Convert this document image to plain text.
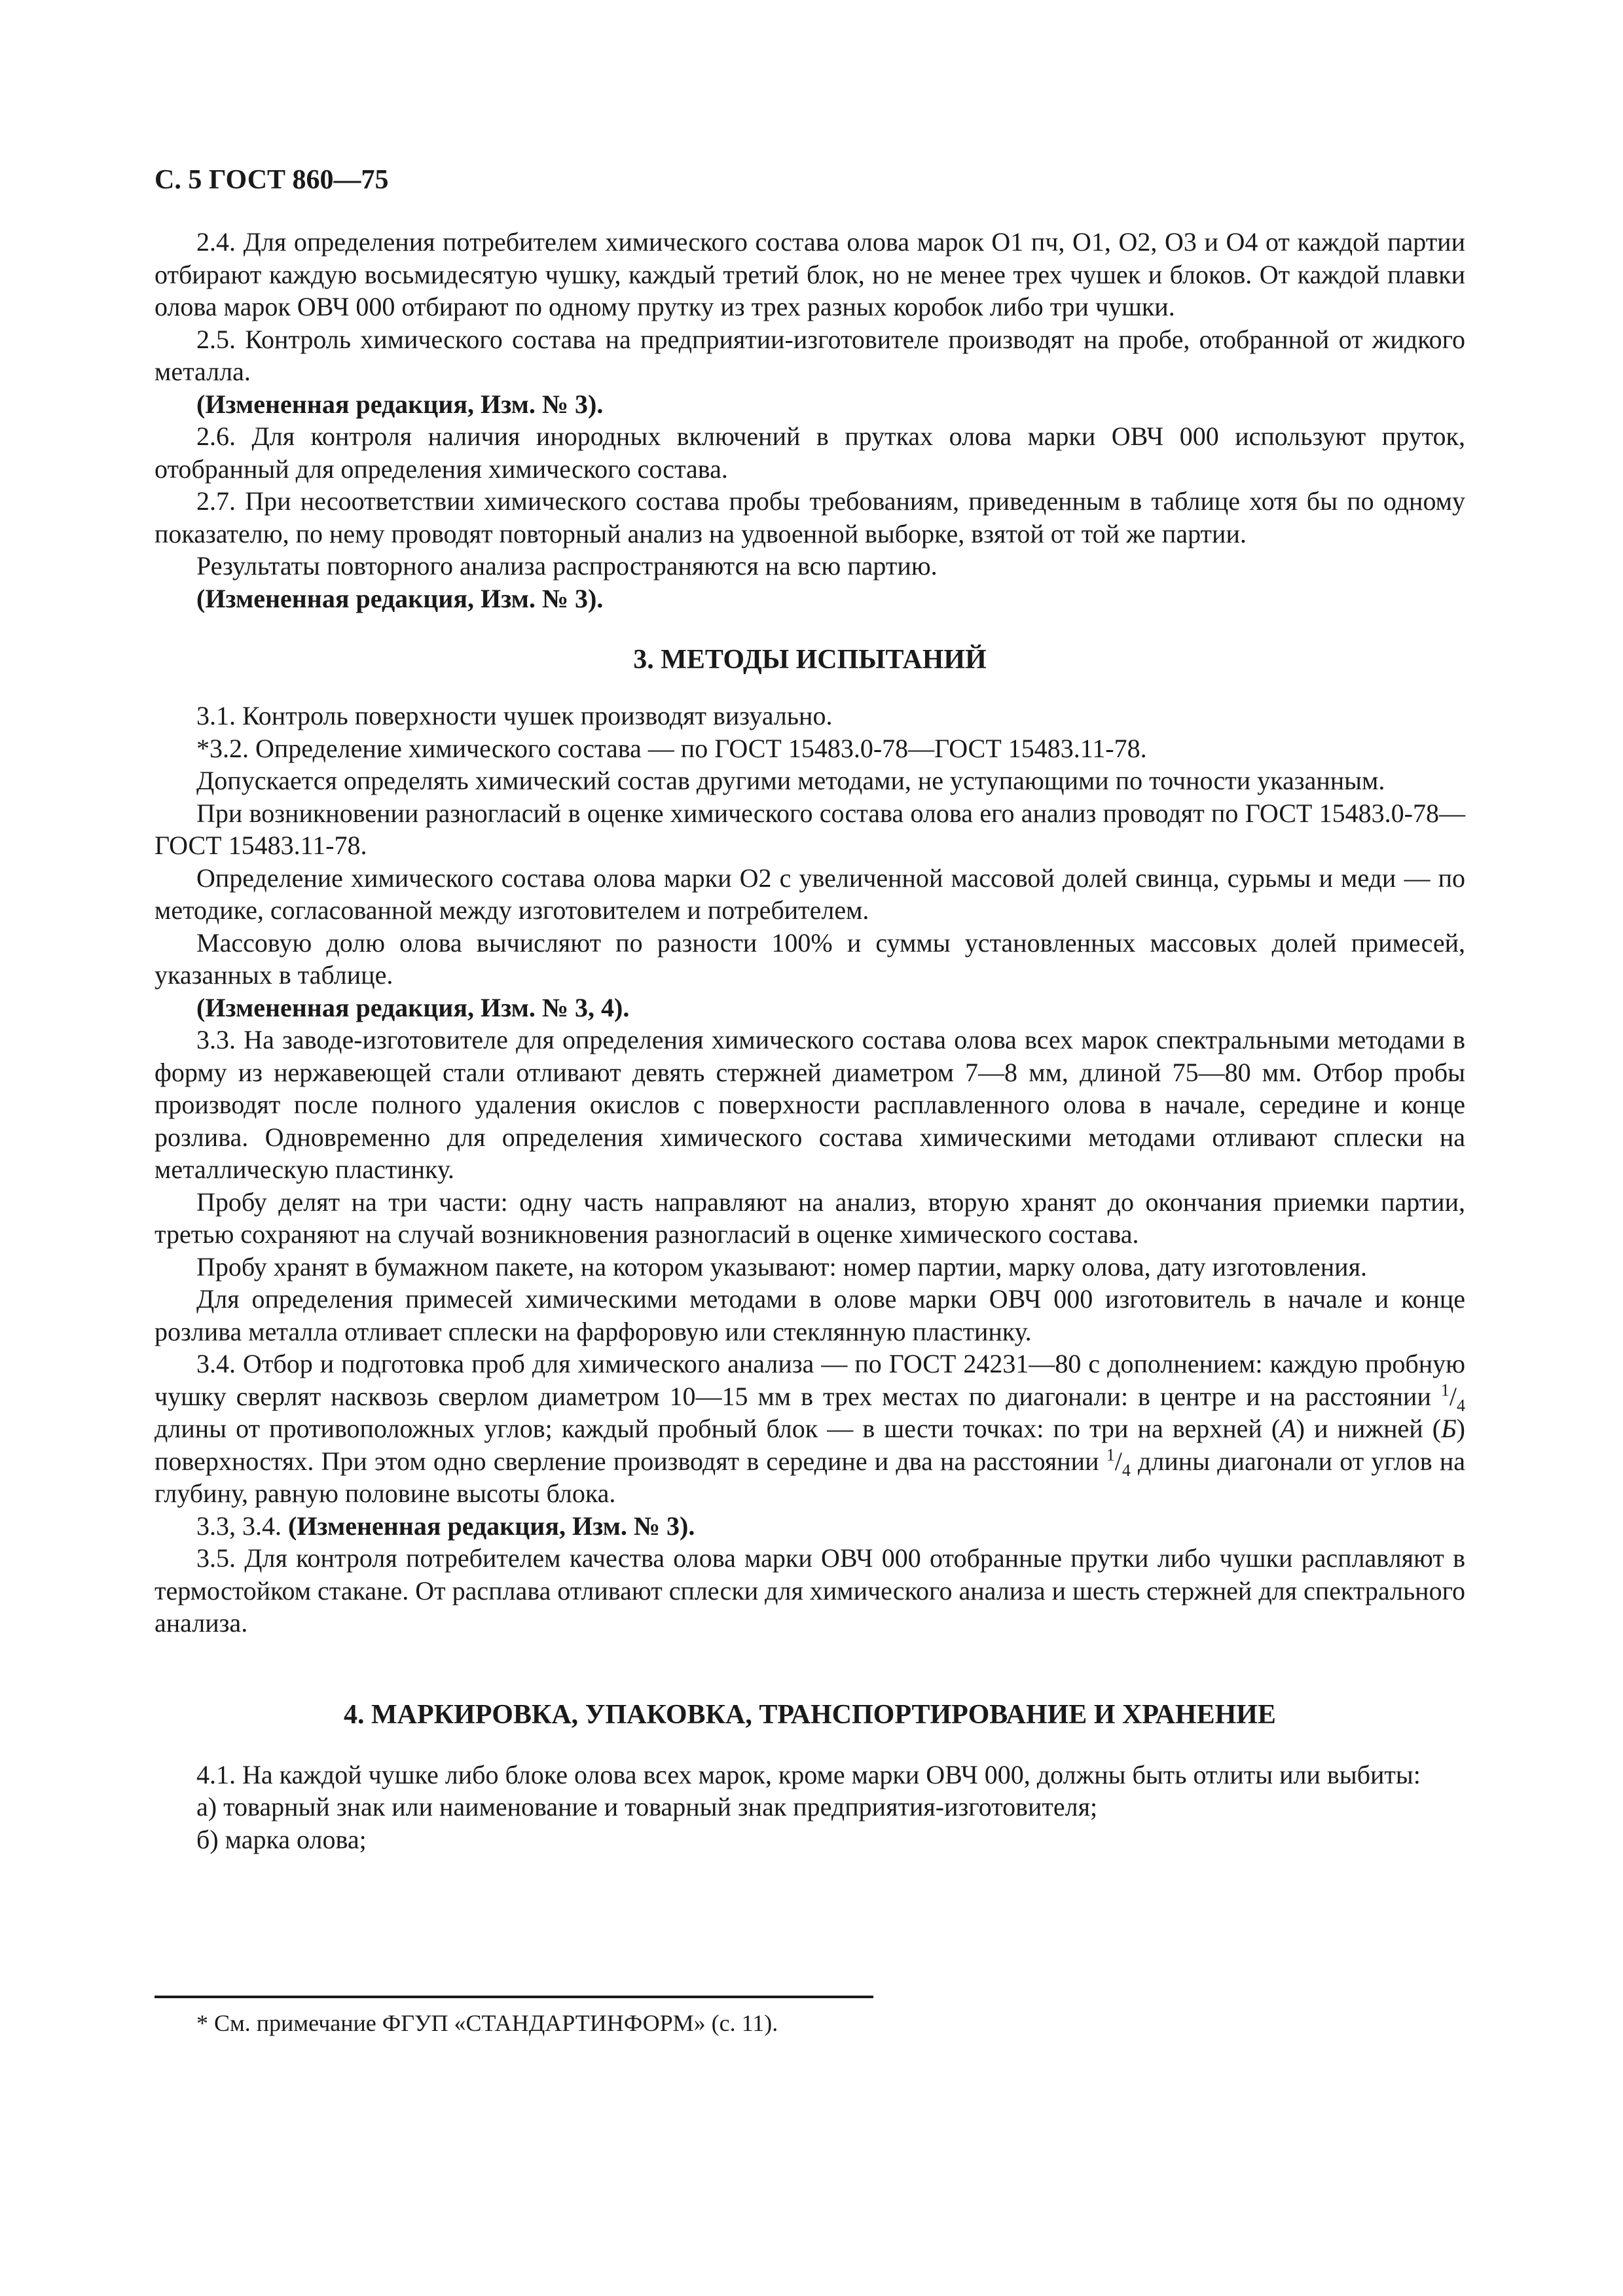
С. 5 ГОСТ 860—75

2.4. Для определения потребителем химического состава олова марок О1 пч, О1, О2, О3 и О4 от каждой партии отбирают каждую восьмидесятую чушку, каждый третий блок, но не менее трех чушек и блоков. От каждой плавки олова марок ОВЧ 000 отбирают по одному прутку из трех разных коробок либо три чушки.

2.5. Контроль химического состава на предприятии-изготовителе производят на пробе, отобранной от жидкого металла.

(Измененная редакция, Изм. № 3).

2.6. Для контроля наличия инородных включений в прутках олова марки ОВЧ 000 используют пруток, отобранный для определения химического состава.

2.7. При несоответствии химического состава пробы требованиям, приведенным в таблице хотя бы по одному показателю, по нему проводят повторный анализ на удвоенной выборке, взятой от той же партии.

Результаты повторного анализа распространяются на всю партию.

(Измененная редакция, Изм. № 3).

3. МЕТОДЫ ИСПЫТАНИЙ

3.1. Контроль поверхности чушек производят визуально.

*3.2. Определение химического состава — по ГОСТ 15483.0-78—ГОСТ 15483.11-78.

Допускается определять химический состав другими методами, не уступающими по точности указанным.

При возникновении разногласий в оценке химического состава олова его анализ проводят по ГОСТ 15483.0-78—ГОСТ 15483.11-78.

Определение химического состава олова марки О2 с увеличенной массовой долей свинца, сурьмы и меди — по методике, согласованной между изготовителем и потребителем.

Массовую долю олова вычисляют по разности 100% и суммы установленных массовых долей примесей, указанных в таблице.

(Измененная редакция, Изм. № 3, 4).

3.3. На заводе-изготовителе для определения химического состава олова всех марок спектральными методами в форму из нержавеющей стали отливают девять стержней диаметром 7—8 мм, длиной 75—80 мм. Отбор пробы производят после полного удаления окислов с поверхности расплавленного олова в начале, середине и конце розлива. Одновременно для определения химического состава химическими методами отливают сплески на металлическую пластинку.

Пробу делят на три части: одну часть направляют на анализ, вторую хранят до окончания приемки партии, третью сохраняют на случай возникновения разногласий в оценке химического состава.

Пробу хранят в бумажном пакете, на котором указывают: номер партии, марку олова, дату изготовления.

Для определения примесей химическими методами в олове марки ОВЧ 000 изготовитель в начале и конце розлива металла отливает сплески на фарфоровую или стеклянную пластинку.

3.4. Отбор и подготовка проб для химического анализа — по ГОСТ 24231—80 с дополнением: каждую пробную чушку сверлят насквозь сверлом диаметром 10—15 мм в трех местах по диагонали: в центре и на расстоянии $^1/_4$ длины от противоположных углов; каждый пробный блок — в шести точках: по три на верхней (А) и нижней (Б) поверхностях. При этом одно сверление производят в середине и два на расстоянии $^1/_4$ длины диагонали от углов на глубину, равную половине высоты блока.

3.3, 3.4. (Измененная редакция, Изм. № 3).

3.5. Для контроля потребителем качества олова марки ОВЧ 000 отобранные прутки либо чушки расплавляют в термостойком стакане. От расплава отливают сплески для химического анализа и шесть стержней для спектрального анализа.

4. МАРКИРОВКА, УПАКОВКА, ТРАНСПОРТИРОВАНИЕ И ХРАНЕНИЕ

4.1. На каждой чушке либо блоке олова всех марок, кроме марки ОВЧ 000, должны быть отлиты или выбиты:

а) товарный знак или наименование и товарный знак предприятия-изготовителя;

б) марка олова;

* См. примечание ФГУП «СТАНДАРТИНФОРМ» (с. 11).
